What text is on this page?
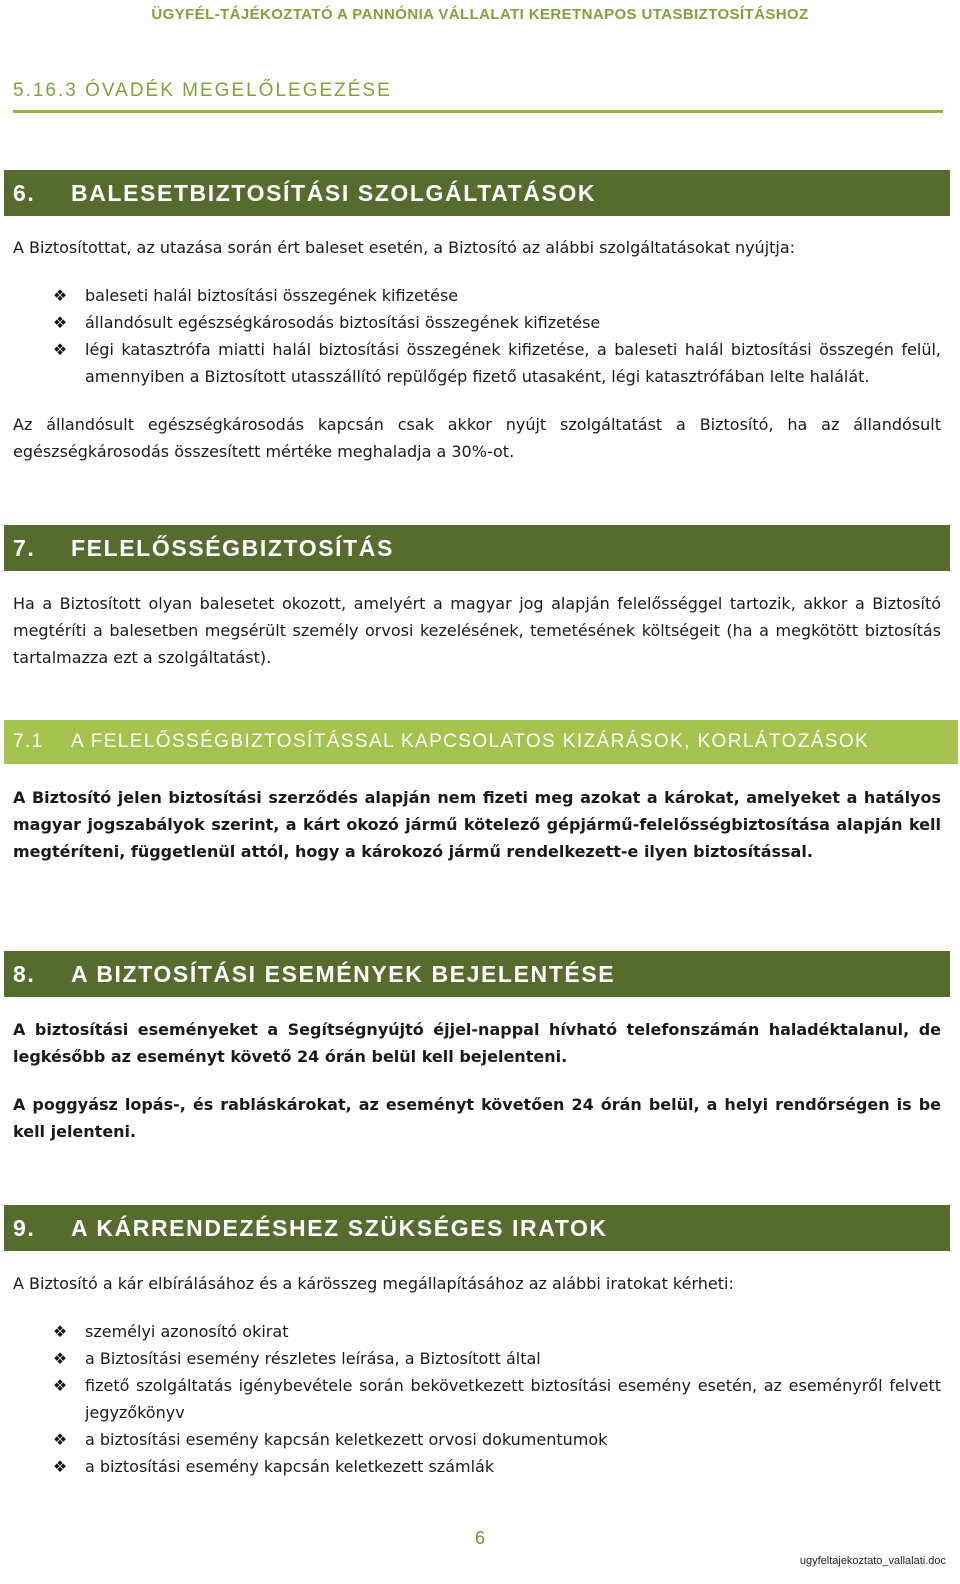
ÜGYFÉL-TÁJÉKOZTATÓ A PANNÓNIA VÁLLALATI KERETNAPOS UTASBIZTOSÍTÁSHOZ
5.16.3 ÓVADÉK MEGELŐLEGEZÉSE
6.	BALESETBIZTOSÍTÁSI SZOLGÁLTATÁSOK
A Biztosítottat, az utazása során ért baleset esetén, a Biztosító az alábbi szolgáltatásokat nyújtja:
❖ baleseti halál biztosítási összegének kifizetése
❖ állandósult egészségkárosodás biztosítási összegének kifizetése
❖ légi katasztrófa miatti halál biztosítási összegének kifizetése, a baleseti halál biztosítási összegén felül, amennyiben a Biztosított utasszállító repülőgép fizető utasaként, légi katasztrófában lelte halálát.
Az állandósult egészségkárosodás kapcsán csak akkor nyújt szolgáltatást a Biztosító, ha az állandósult egészségkárosodás összesített mértéke meghaladja a 30%-ot.
7.	FELELŐSSÉGBIZTOSÍTÁS
Ha a Biztosított olyan balesetet okozott, amelyért a magyar jog alapján felelősséggel tartozik, akkor a Biztosító megtéríti a balesetben megsérült személy orvosi kezelésének, temetésének költségeit (ha a megkötött biztosítás tartalmazza ezt a szolgáltatást).
7.1	A FELELŐSSÉGBIZTOSÍTÁSSAL KAPCSOLATOS KIZÁRÁSOK, KORLÁTOZÁSOK
A Biztosító jelen biztosítási szerződés alapján nem fizeti meg azokat a károkat, amelyeket a hatályos magyar jogszabályok szerint, a kárt okozó jármű kötelező gépjármű-felelősségbiztosítása alapján kell megtéríteni, függetlenül attól, hogy a károkozó jármű rendelkezett-e ilyen biztosítással.
8.	A BIZTOSÍTÁSI ESEMÉNYEK BEJELENTÉSE
A biztosítási eseményeket a Segítségnyújtó éjjel-nappal hívható telefonszámán haladéktalanul, de legkésőbb az eseményt követő 24 órán belül kell bejelenteni.
A poggyász lopás-, és rabláskárokat, az eseményt követően 24 órán belül, a helyi rendőrségen is be kell jelenteni.
9.	A KÁRRENDEZÉSHEZ SZÜKSÉGES IRATOK
A Biztosító a kár elbírálásához és a kárösszeg megállapításához az alábbi iratokat kérheti:
❖ személyi azonosító okirat
❖ a Biztosítási esemény részletes leírása, a Biztosított által
❖ fizető szolgáltatás igénybevétele során bekövetkezett biztosítási esemény esetén, az eseményről felvett jegyzőkönyv
❖ a biztosítási esemény kapcsán keletkezett orvosi dokumentumok
❖ a biztosítási esemény kapcsán keletkezett számlák
6
ugyfeltajekoztato_vallalati.doc
